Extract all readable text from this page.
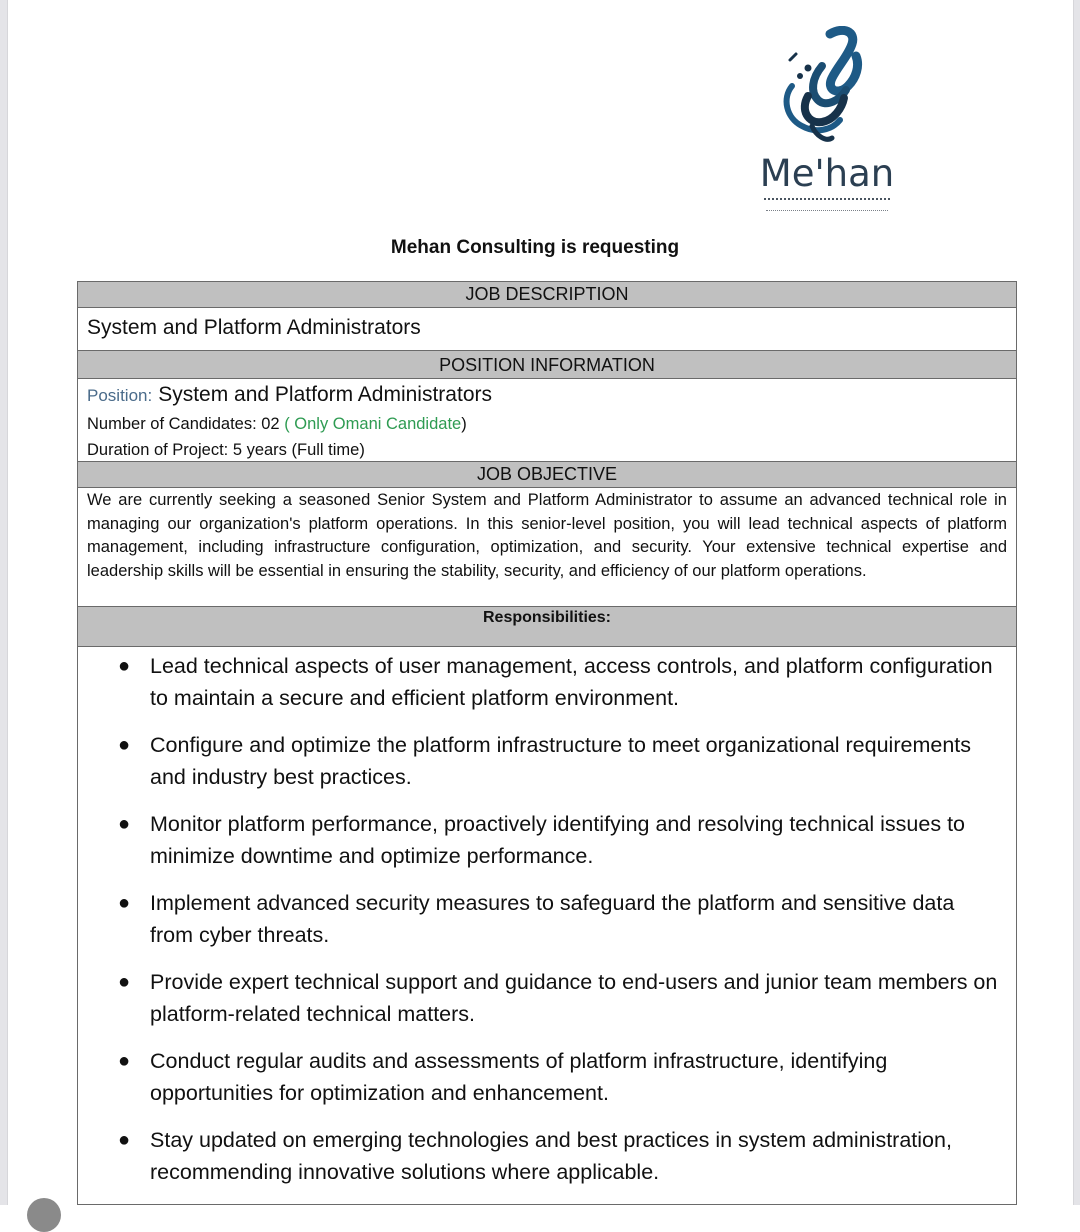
Me'han
Mehan Consulting is requesting
JOB DESCRIPTION
System and Platform Administrators
POSITION INFORMATION
Position: System and Platform Administrators
Number of Candidates: 02 ( Only Omani Candidate)
Duration of Project: 5 years (Full time)
JOB OBJECTIVE
We are currently seeking a seasoned Senior System and Platform Administrator to assume an advanced technical role in managing our organization's platform operations. In this senior-level position, you will lead technical aspects of platform management, including infrastructure configuration, optimization, and security. Your extensive technical expertise and leadership skills will be essential in ensuring the stability, security, and efficiency of our platform operations.
Responsibilities:
● Lead technical aspects of user management, access controls, and platform configuration to maintain a secure and efficient platform environment.
● Configure and optimize the platform infrastructure to meet organizational requirements and industry best practices.
● Monitor platform performance, proactively identifying and resolving technical issues to minimize downtime and optimize performance.
● Implement advanced security measures to safeguard the platform and sensitive data from cyber threats.
● Provide expert technical support and guidance to end-users and junior team members on platform-related technical matters.
● Conduct regular audits and assessments of platform infrastructure, identifying opportunities for optimization and enhancement.
● Stay updated on emerging technologies and best practices in system administration, recommending innovative solutions where applicable.
